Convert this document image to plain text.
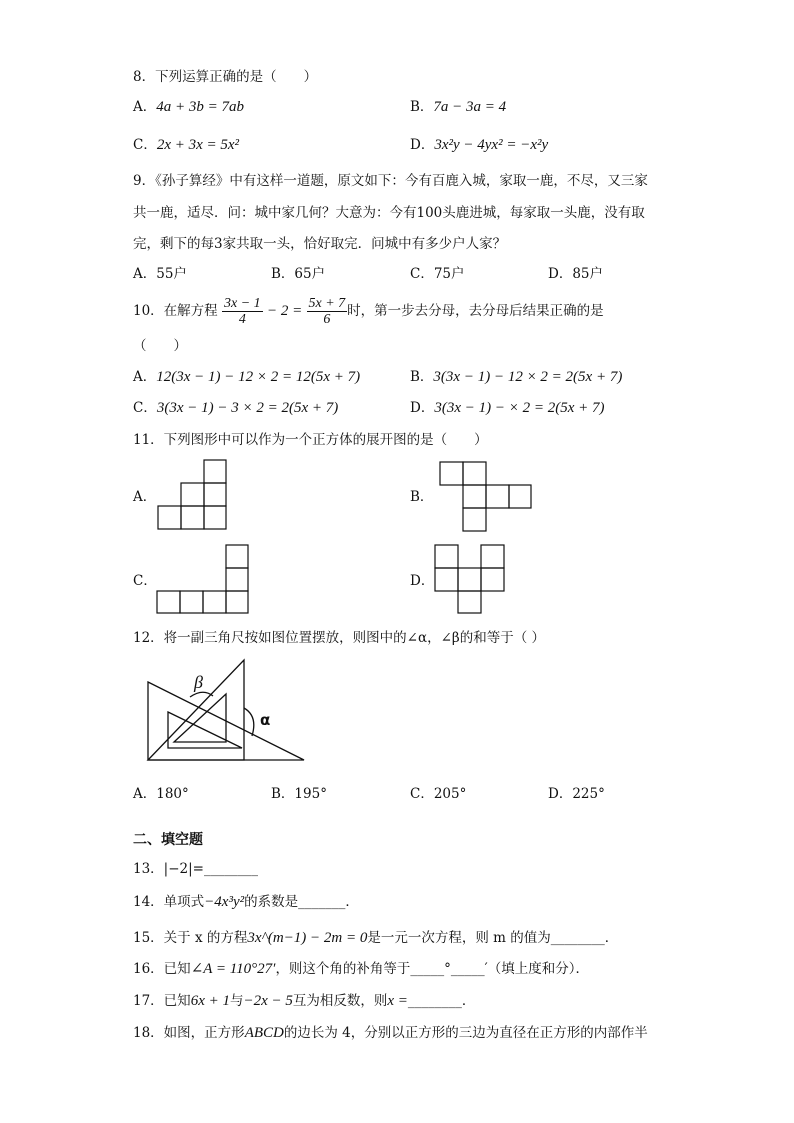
8．下列运算正确的是（　　）
A．4a + 3b = 7ab	B．7a − 3a = 4
C．2x + 3x = 5x²	D．3x²y − 4yx² = −x²y
9．《孙子算经》中有这样一道题，原文如下：今有百鹿入城，家取一鹿，不尽，又三家
共一鹿，适尽．问：城中家几何？大意为：今有100头鹿进城，每家取一头鹿，没有取
完，剩下的每3家共取一头，恰好取完．问城中有多少户人家？
A．55户	B．65户	C．75户	D．85户
10．在解方程 $\frac{3x - 1}{4} - 2 = \frac{5x + 7}{6}$ 时，第一步去分母，去分母后结果正确的是
（　　）
A．12(3x − 1) − 12 × 2 = 12(5x + 7)	B．3(3x − 1) − 12 × 2 = 2(5x + 7)
C．3(3x − 1) − 3 × 2 = 2(5x + 7)	D．3(3x − 1) − × 2 = 2(5x + 7)
11．下列图形中可以作为一个正方体的展开图的是（　　）
A．	B．
C．	D．
12．将一副三角尺按如图位置摆放，则图中的∠α，∠β的和等于（ ）
β
α
A．180°	B．195°	C．205°	D．225°
二、填空题
13．|−2|=________
14．单项式−4x³y²的系数是_______．
15．关于 x 的方程3x^(m−1) − 2m = 0是一元一次方程，则 m 的值为________．
16．已知∠A = 110°27′，则这个角的补角等于_____°_____′（填上度和分）．
17．已知6x + 1与−2x − 5互为相反数，则x =________．
18．如图，正方形ABCD的边长为 4，分别以正方形的三边为直径在正方形的内部作半
